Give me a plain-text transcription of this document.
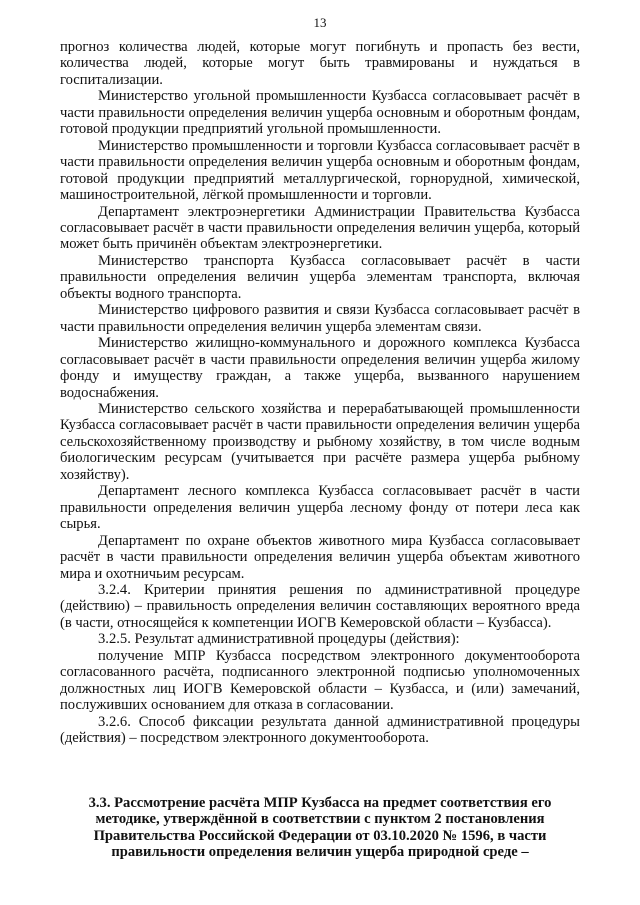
13

прогноз количества людей, которые могут погибнуть и пропасть без вести, количества людей, которые могут быть травмированы и нуждаться в госпитализации.

Министерство угольной промышленности Кузбасса согласовывает расчёт в части правильности определения величин ущерба основным и оборотным фондам, готовой продукции предприятий угольной промышленности.

Министерство промышленности и торговли Кузбасса согласовывает расчёт в части правильности определения величин ущерба основным и оборотным фондам, готовой продукции предприятий металлургической, горнорудной, химической, машиностроительной, лёгкой промышленности и торговли.

Департамент электроэнергетики Администрации Правительства Кузбасса согласовывает расчёт в части правильности определения величин ущерба, который может быть причинён объектам электроэнергетики.

Министерство транспорта Кузбасса согласовывает расчёт в части правильности определения величин ущерба элементам транспорта, включая объекты водного транспорта.

Министерство цифрового развития и связи Кузбасса согласовывает расчёт в части правильности определения величин ущерба элементам связи.

Министерство жилищно-коммунального и дорожного комплекса Кузбасса согласовывает расчёт в части правильности определения величин ущерба жилому фонду и имуществу граждан, а также ущерба, вызванного нарушением водоснабжения.

Министерство сельского хозяйства и перерабатывающей промышленности Кузбасса согласовывает расчёт в части правильности определения величин ущерба сельскохозяйственному производству и рыбному хозяйству, в том числе водным биологическим ресурсам (учитывается при расчёте размера ущерба рыбному хозяйству).

Департамент лесного комплекса Кузбасса согласовывает расчёт в части правильности определения величин ущерба лесному фонду от потери леса как сырья.

Департамент по охране объектов животного мира Кузбасса согласовывает расчёт в части правильности определения величин ущерба объектам животного мира и охотничьим ресурсам.

3.2.4. Критерии принятия решения по административной процедуре (действию) – правильность определения величин составляющих вероятного вреда (в части, относящейся к компетенции ИОГВ Кемеровской области – Кузбасса).

3.2.5. Результат административной процедуры (действия):

получение МПР Кузбасса посредством электронного документооборота согласованного расчёта, подписанного электронной подписью уполномоченных должностных лиц ИОГВ Кемеровской области – Кузбасса, и (или) замечаний, послуживших основанием для отказа в согласовании.

3.2.6. Способ фиксации результата данной административной процедуры (действия) – посредством электронного документооборота.

3.3. Рассмотрение расчёта МПР Кузбасса на предмет соответствия его методике, утверждённой в соответствии с пунктом 2 постановления Правительства Российской Федерации от 03.10.2020 № 1596, в части правильности определения величин ущерба природной среде –
